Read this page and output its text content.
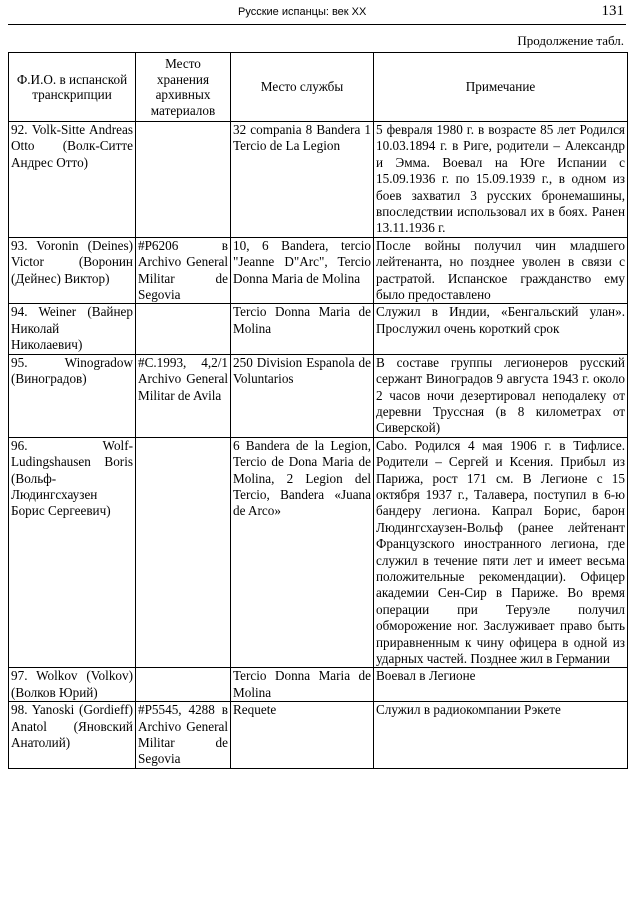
Русские испанцы: век XX	131
Продолжение табл.
Ф.И.О. в испанской транскрипции	Место хранения архивных материалов	Место службы	Примечание
92. Volk-Sitte Andreas Otto (Волк-Ситте Андрес Отто)		32 compania 8 Bandera 1 Tercio de La Legion	5 февраля 1980 г. в возрасте 85 лет Родился 10.03.1894 г. в Риге, родители – Александр и Эмма. Воевал на Юге Испании с 15.09.1936 г. по 15.09.1939 г., в одном из боев захватил 3 русских бронемашины, впоследствии использовал их в боях. Ранен 13.11.1936 г.
93. Voronin (Deines) Victor (Воронин (Дейнес) Виктор)	#P6206 в Archivo General Militar de Segovia	10, 6 Bandera, tercio "Jeanne D"Arc", Tercio Donna Maria de Molina	После войны получил чин младшего лейтенанта, но позднее уволен в связи с растратой. Испанское гражданство ему было предоставлено
94. Weiner (Вайнер Николай Николаевич)		Tercio Donna Maria de Molina	Служил в Индии, «Бенгальский улан». Прослужил очень короткий срок
95. Winogradow (Виноградов)	#C.1993, 4,2/1 Archivo General Militar de Avila	250 Division Espanola de Voluntarios	В составе группы легионеров русский сержант Виноградов 9 августа 1943 г. около 2 часов ночи дезертировал неподалеку от деревни Труссная (в 8 километрах от Сиверской)
96. Wolf-Ludingshausen Boris (Вольф-Людингсхаузен Борис Сергеевич)		6 Bandera de la Legion, Tercio de Dona Maria de Molina, 2 Legion del Tercio, Bandera «Juana de Arco»	Cabo. Родился 4 мая 1906 г. в Тифлисе. Родители – Сергей и Ксения. Прибыл из Парижа, рост 171 см. В Легионе с 15 октября 1937 г., Талавера, поступил в 6-ю бандеру легиона. Капрал Борис, барон Людингсхаузен-Вольф (ранее лейтенант Французского иностранного легиона, где служил в течение пяти лет и имеет весьма положительные рекомендации). Офицер академии Сен-Сир в Париже. Во время операции при Теруэле получил обморожение ног. Заслуживает право быть приравненным к чину офицера в одной из ударных частей. Позднее жил в Германии
97. Wolkov (Volkov) (Волков Юрий)		Tercio Donna Maria de Molina	Воевал в Легионе
98. Yanoski (Gordieff) Anatol (Яновский Анатолий)	#P5545, 4288 в Archivo General Militar de Segovia	Requete	Служил в радиокомпании Рэкете
